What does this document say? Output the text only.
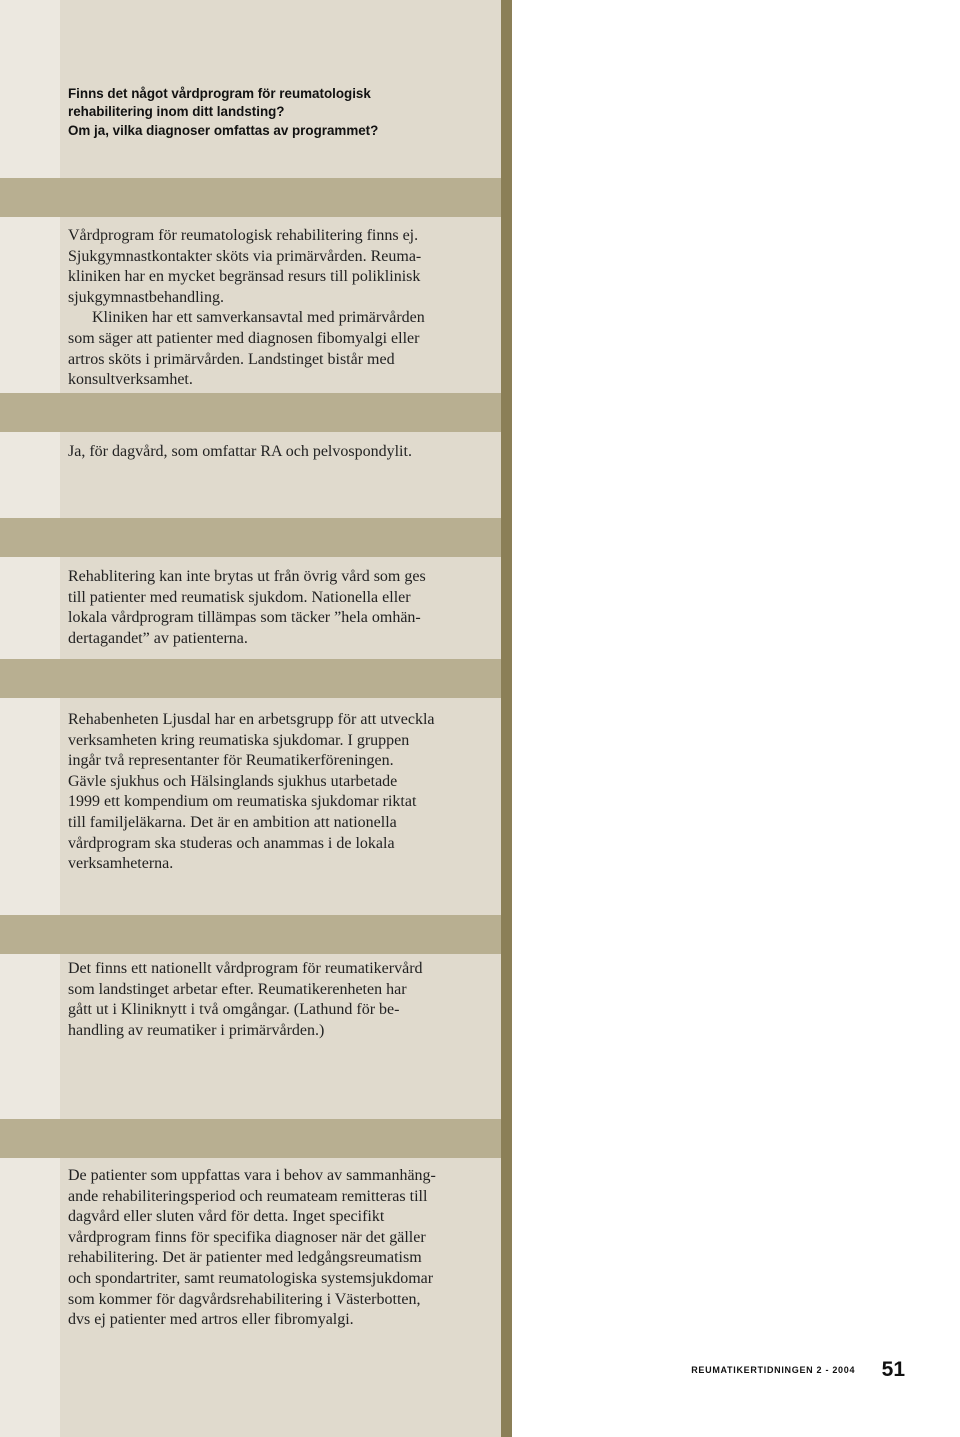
Finns det något vårdprogram för reumatologisk
rehabilitering inom ditt landsting?
Om ja, vilka diagnoser omfattas av programmet?
Vårdprogram för reumatologisk rehabilitering finns ej.
Sjukgymnastkontakter sköts via primärvården. Reuma-
kliniken har en mycket begränsad resurs till poliklinisk
sjukgymnastbehandling.
Kliniken har ett samverkansavtal med primärvården
som säger att patienter med diagnosen fibomyalgi eller
artros sköts i primärvården. Landstinget bistår med
konsultverksamhet.
Ja, för dagvård, som omfattar RA och pelvospondylit.
Rehablitering kan inte brytas ut från övrig vård som ges
till patienter med reumatisk sjukdom. Nationella eller
lokala vårdprogram tillämpas som täcker ”hela omhän-
dertagandet” av patienterna.
Rehabenheten Ljusdal har en arbetsgrupp för att utveckla
verksamheten kring reumatiska sjukdomar. I gruppen
ingår två representanter för Reumatikerföreningen.
Gävle sjukhus och Hälsinglands sjukhus utarbetade
1999 ett kompendium om reumatiska sjukdomar riktat
till familjeläkarna. Det är en ambition att nationella
vårdprogram ska studeras och anammas i de lokala
verksamheterna.
Det finns ett nationellt vårdprogram för reumatikervård
som landstinget arbetar efter. Reumatikerenheten har
gått ut i Kliniknytt i två omgångar. (Lathund för be-
handling av reumatiker i primärvården.)
De patienter som uppfattas vara i behov av sammanhäng-
ande rehabiliteringsperiod och reumateam remitteras till
dagvård eller sluten vård för detta. Inget specifikt
vårdprogram finns för specifika diagnoser när det gäller
rehabilitering. Det är patienter med ledgångsreumatism
och spondartriter, samt reumatologiska systemsjukdomar
som kommer för dagvårdsrehabilitering i Västerbotten,
dvs ej patienter med artros eller fibromyalgi.
REUMATIKERTIDNINGEN 2 - 2004 51
